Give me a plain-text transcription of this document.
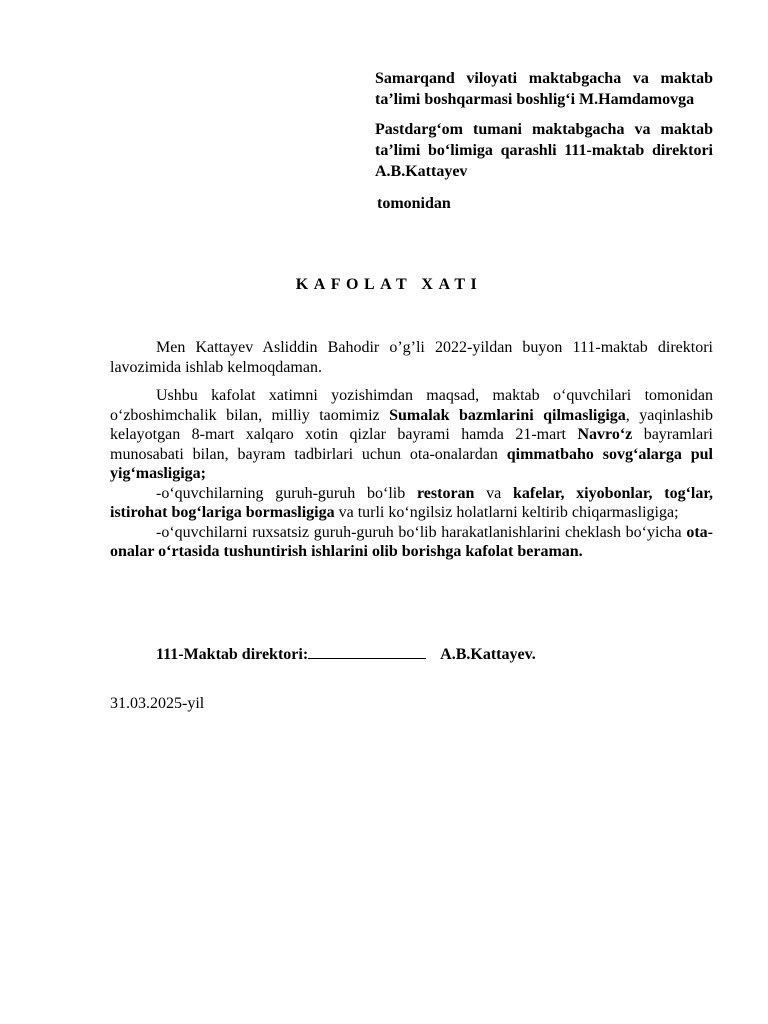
Samarqand viloyati maktabgacha va maktab ta’limi boshqarmasi boshlig‘i M.Hamdamovga
Pastdarg‘om tumani maktabgacha va maktab ta’limi bo‘limiga qarashli 111-maktab direktori A.B.Kattayev
tomonidan
KAFOLAT XATI

Men Kattayev Asliddin Bahodir o’g’li 2022-yildan buyon 111-maktab direktori lavozimida ishlab kelmoqdaman.

Ushbu kafolat xatimni yozishimdan maqsad, maktab o‘quvchilari tomonidan o‘zboshimchalik bilan, milliy taomimiz Sumalak bazmlarini qilmasligiga, yaqinlashib kelayotgan 8-mart xalqaro xotin qizlar bayrami hamda 21-mart Navro‘z bayramlari munosabati bilan, bayram tadbirlari uchun ota-onalardan qimmatbaho sovg‘alarga pul yig‘masligiga;

-o‘quvchilarning guruh-guruh bo‘lib restoran va kafelar, xiyobonlar, tog‘lar, istirohat bog‘lariga bormasligiga va turli ko‘ngilsiz holatlarni keltirib chiqarmasligiga;

-o‘quvchilarni ruxsatsiz guruh-guruh bo‘lib harakatlanishlarini cheklash bo‘yicha ota-onalar o‘rtasida tushuntirish ishlarini olib borishga kafolat beraman.

111-Maktab direktori:	A.B.Kattayev.
31.03.2025-yil
